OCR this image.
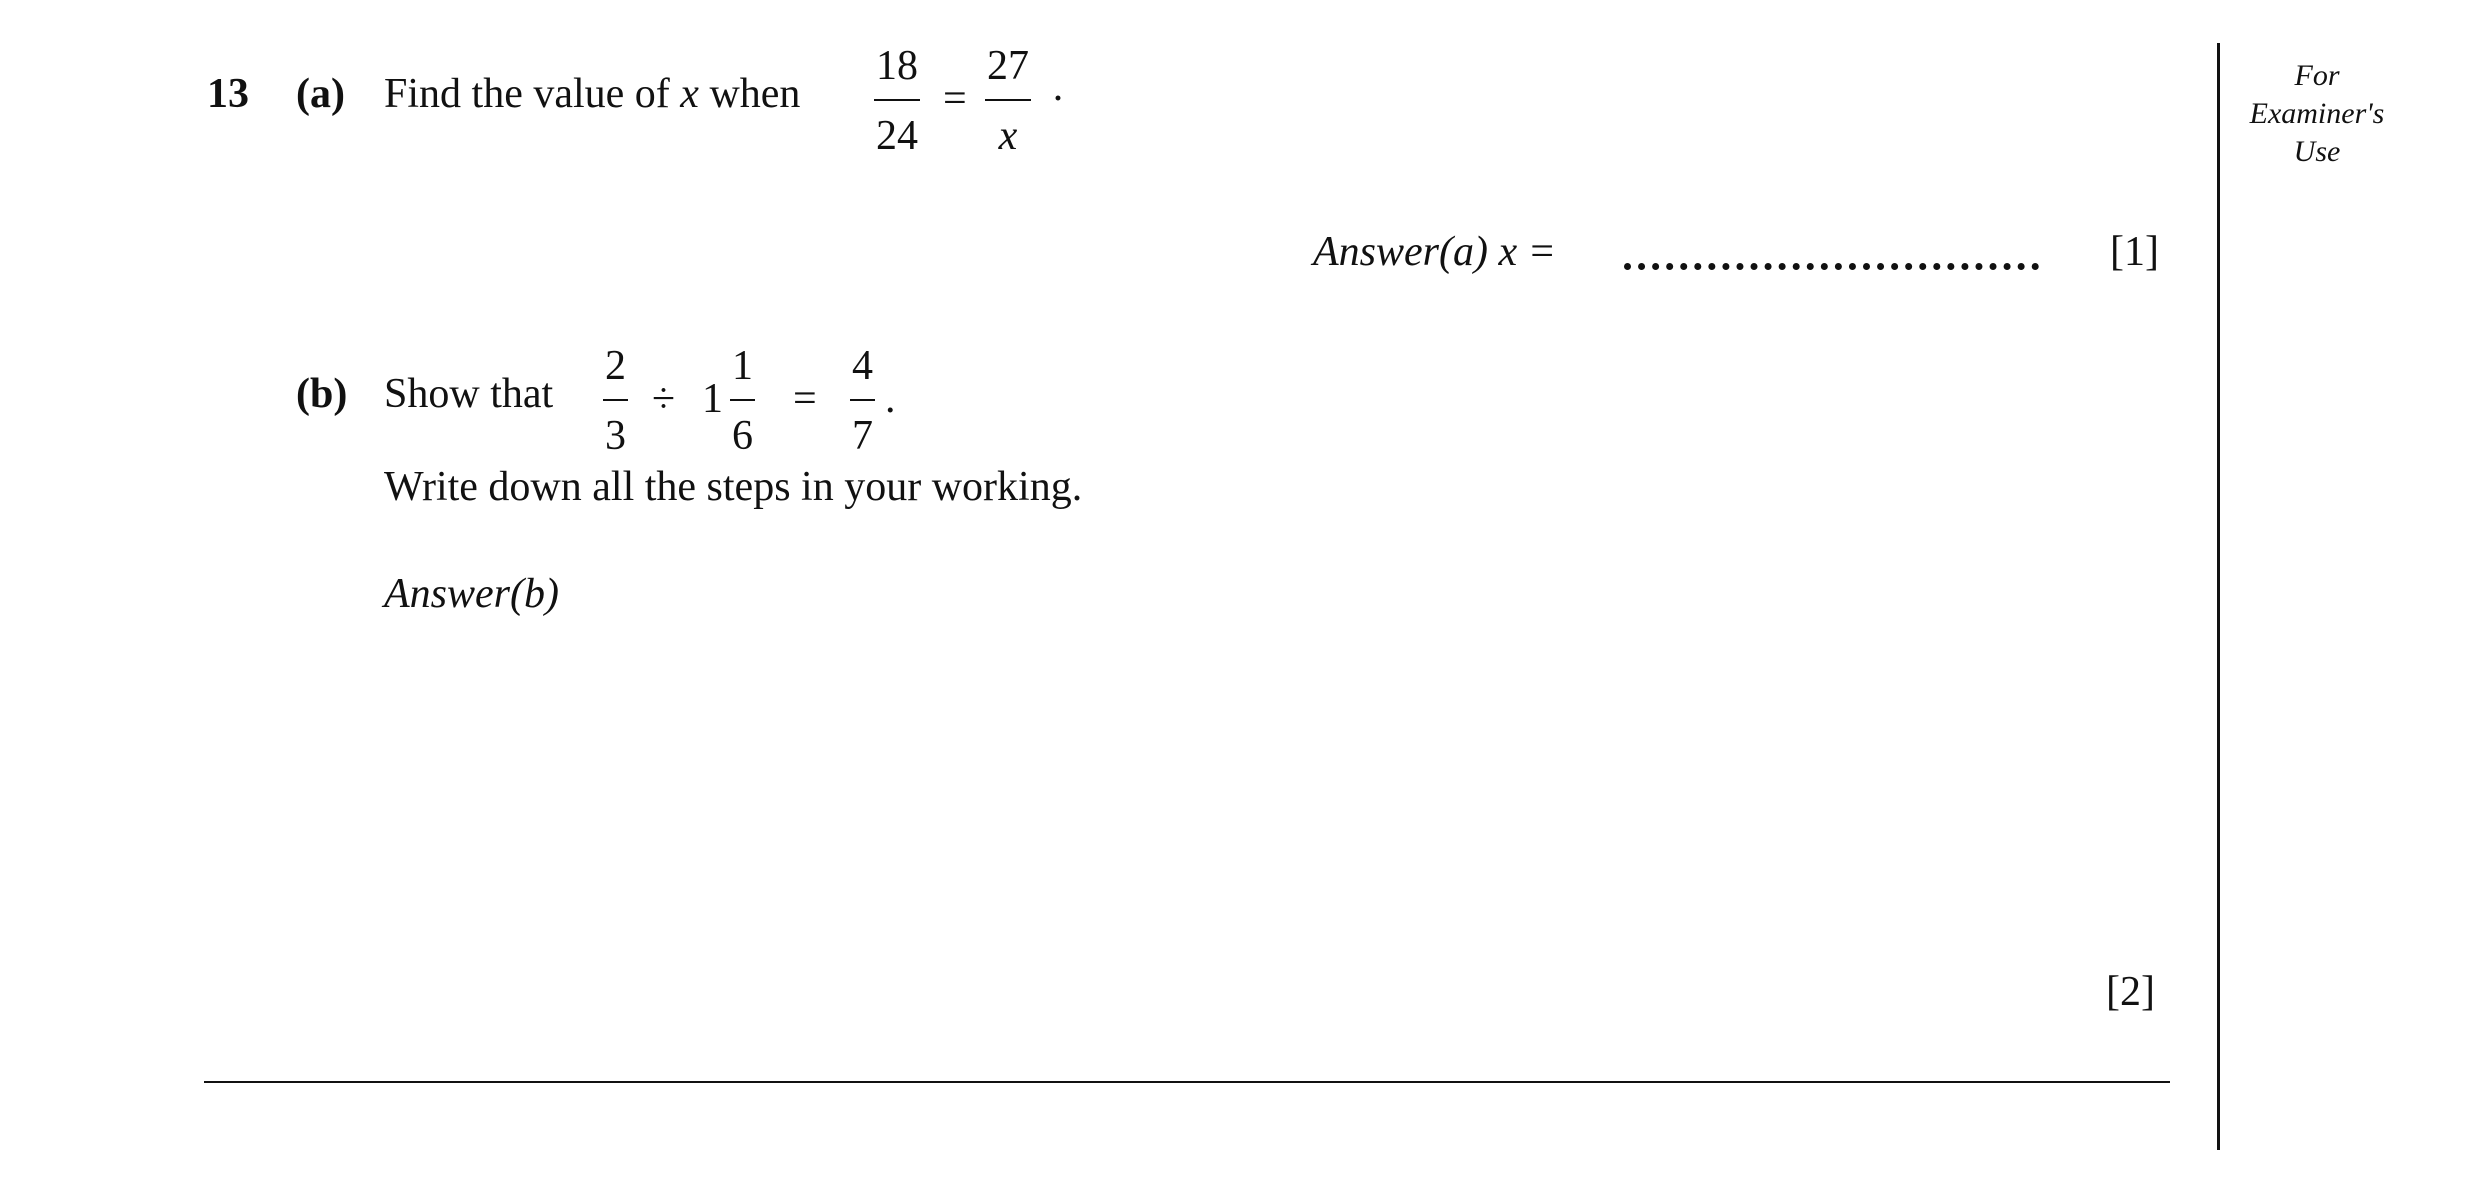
13 (a) Find the value of x when
18
24
=
27
x
·
Answer(a) x =	[1]
(b) Show that
2
3
÷ 1
1
6
=
4
7
.
Write down all the steps in your working.
Answer(b)
[2]
For
Examiner's
Use
